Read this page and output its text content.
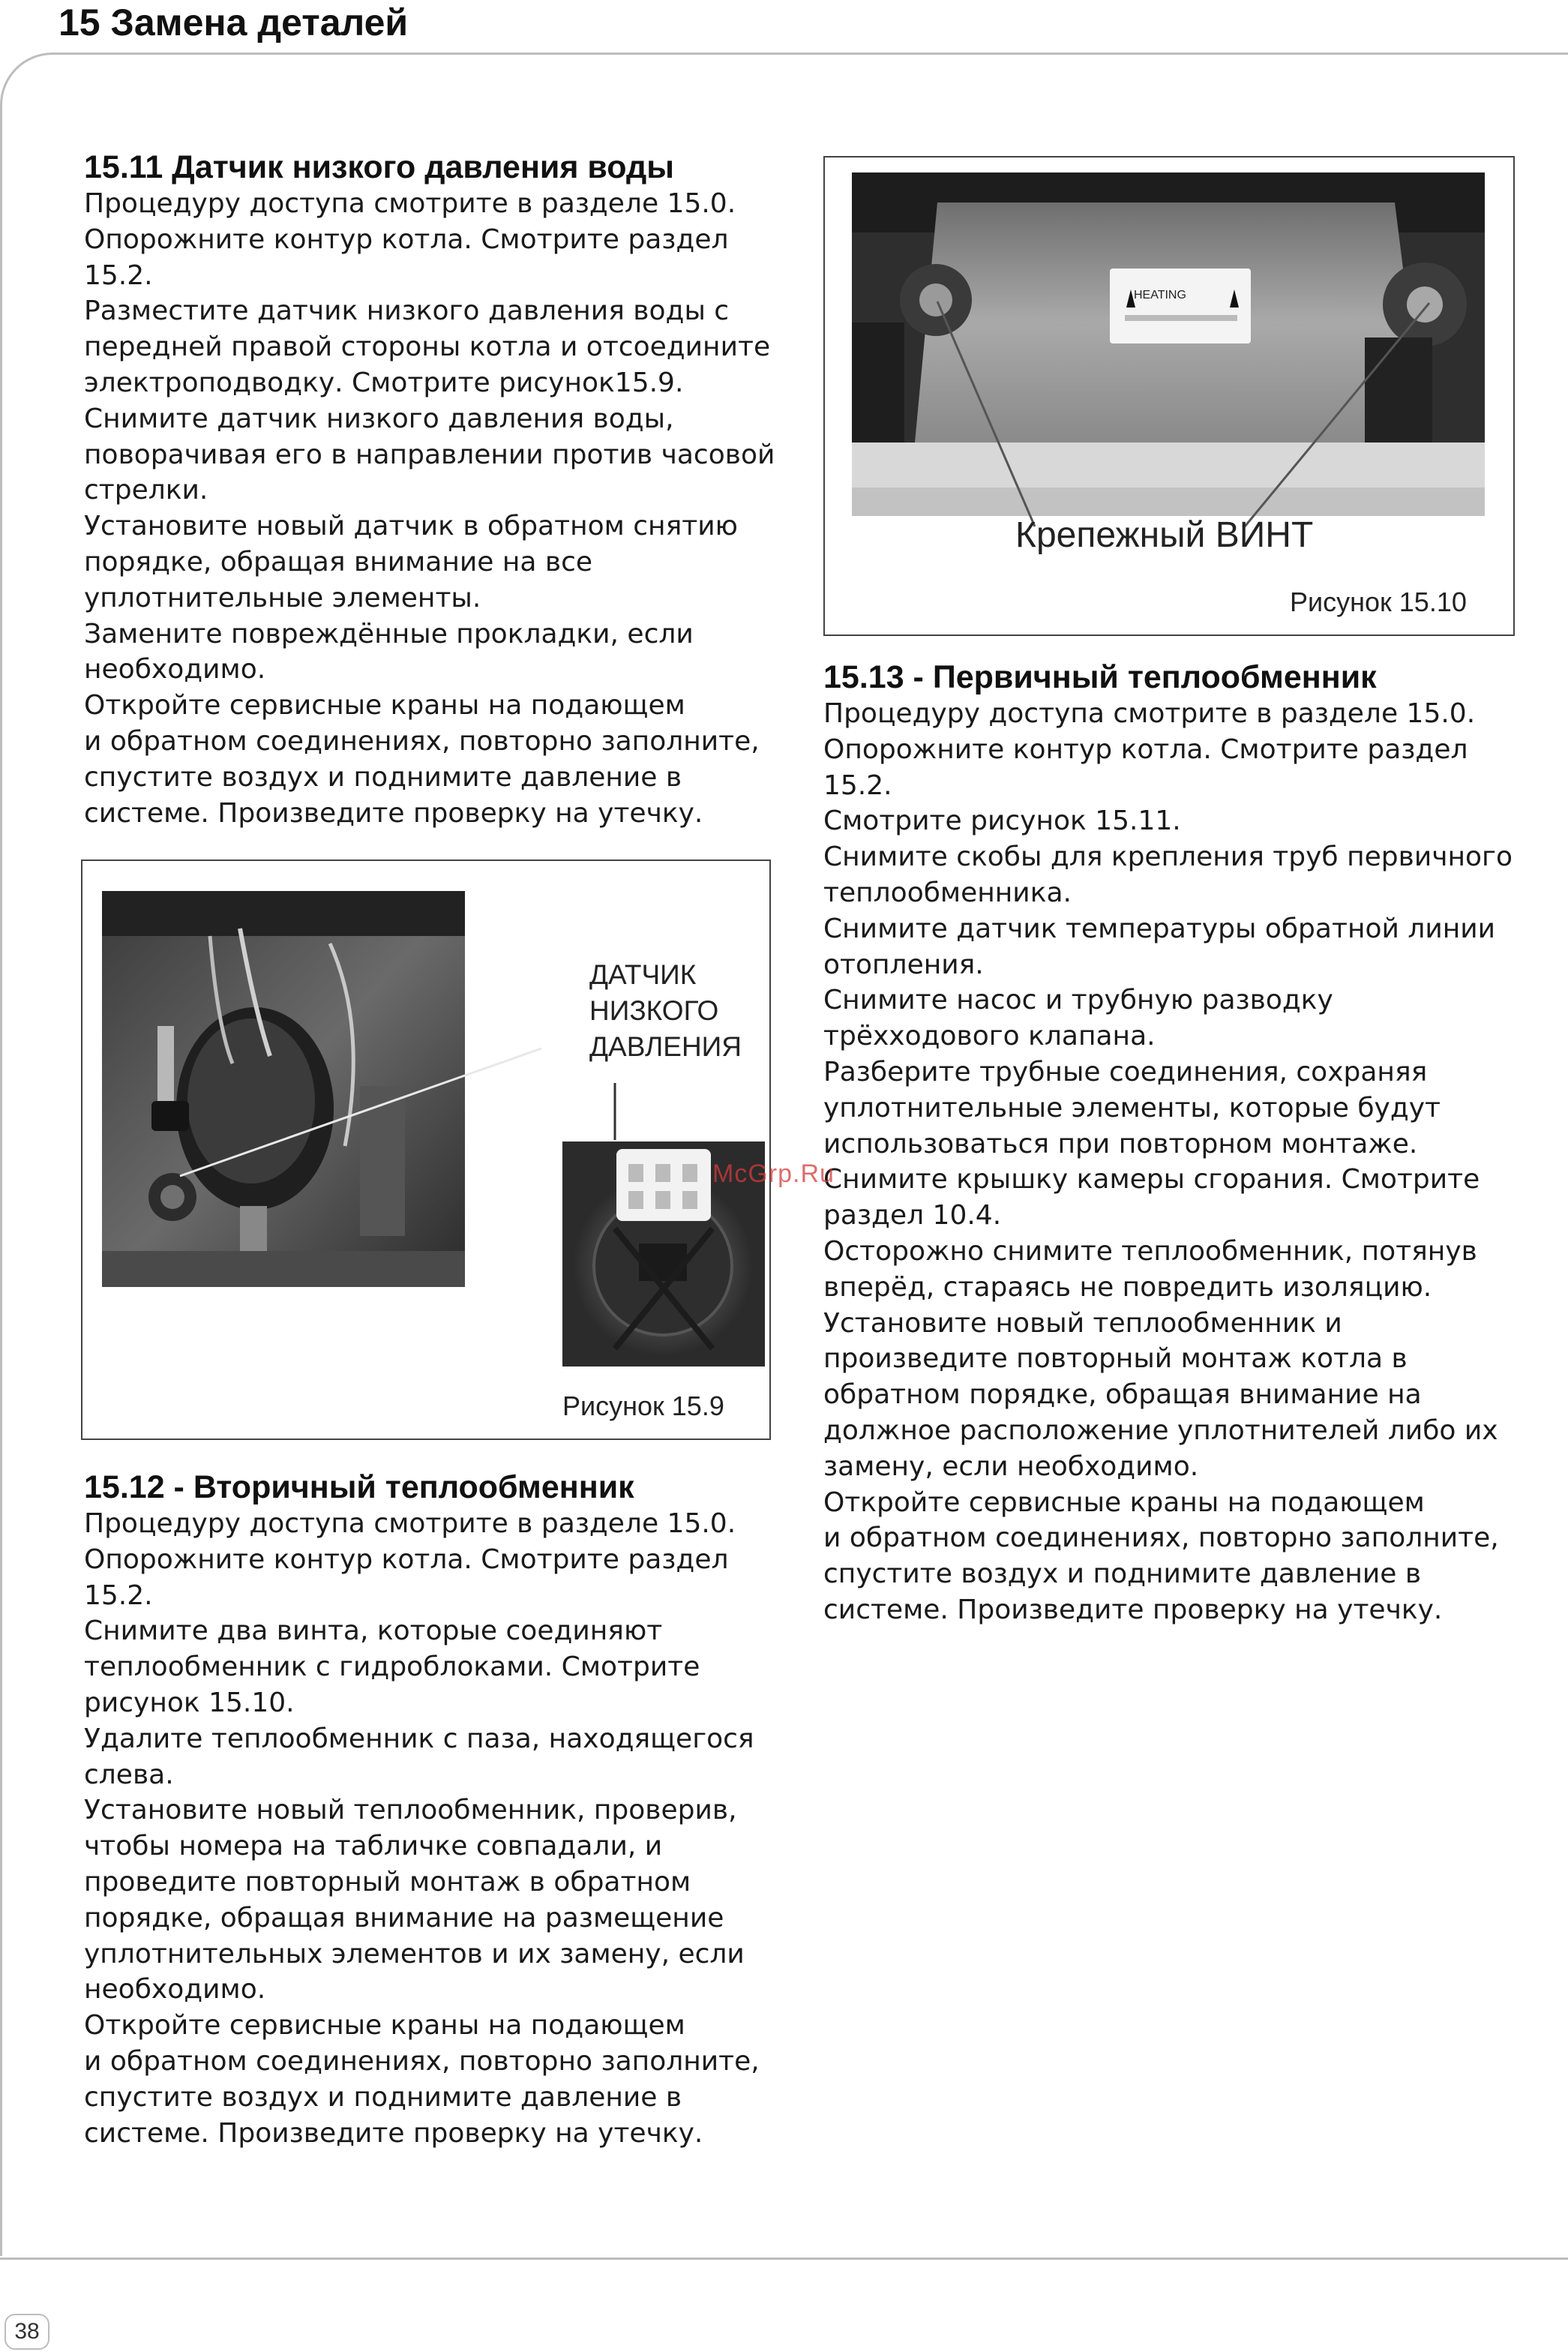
15 Замена деталей
38
15.11 Датчик низкого давления воды

Процедуру доступа смотрите в разделе 15.0.

Опорожните контур котла. Смотрите раздел

15.2.

Разместите датчик низкого давления воды с

передней правой стороны котла и отсоедините

электроподводку. Смотрите рисунок15.9.

Снимите датчик низкого давления воды,

поворачивая его в направлении против часовой

стрелки.

Установите новый датчик в обратном снятию

порядке, обращая внимание на все

уплотнительные элементы.

Замените повреждённые прокладки, если

необходимо.

Откройте сервисные краны на подающем

и обратном соединениях, повторно заполните,

спустите воздух и поднимите давление в

системе. Произведите проверку на утечку.

ДАТЧИК
НИЗКОГО
ДАВЛЕНИЯ
Рисунок 15.9
15.12 - Вторичный теплообменник

Процедуру доступа смотрите в разделе 15.0.

Опорожните контур котла. Смотрите раздел

15.2.

Снимите два винта, которые соединяют

теплообменник с гидроблоками. Смотрите

рисунок 15.10.

Удалите теплообменник с паза, находящегося

слева.

Установите новый теплообменник, проверив,

чтобы номера на табличке совпадали, и

проведите повторный монтаж в обратном

порядке, обращая внимание на размещение

уплотнительных элементов и их замену, если

необходимо.

Откройте сервисные краны на подающем

и обратном соединениях, повторно заполните,

спустите воздух и поднимите давление в

системе. Произведите проверку на утечку.

HEATING
Крепежный ВИНТ
Рисунок 15.10
15.13 - Первичный теплообменник

Процедуру доступа смотрите в разделе 15.0.

Опорожните контур котла. Смотрите раздел

15.2.

Смотрите рисунок 15.11.

Снимите скобы для крепления труб первичного

теплообменника.

Снимите датчик температуры обратной линии

отопления.

Снимите насос и трубную разводку

трёхходового клапана.

Разберите трубные соединения, сохраняя

уплотнительные элементы, которые будут

использоваться при повторном монтаже.

Снимите крышку камеры сгорания. Смотрите

раздел 10.4.

Осторожно снимите теплообменник, потянув

вперёд, стараясь не повредить изоляцию.

Установите новый теплообменник и

произведите повторный монтаж котла в

обратном порядке, обращая внимание на

должное расположение уплотнителей либо их

замену, если необходимо.

Откройте сервисные краны на подающем

и обратном соединениях, повторно заполните,

спустите воздух и поднимите давление в

системе. Произведите проверку на утечку.

McGrp.Ru
